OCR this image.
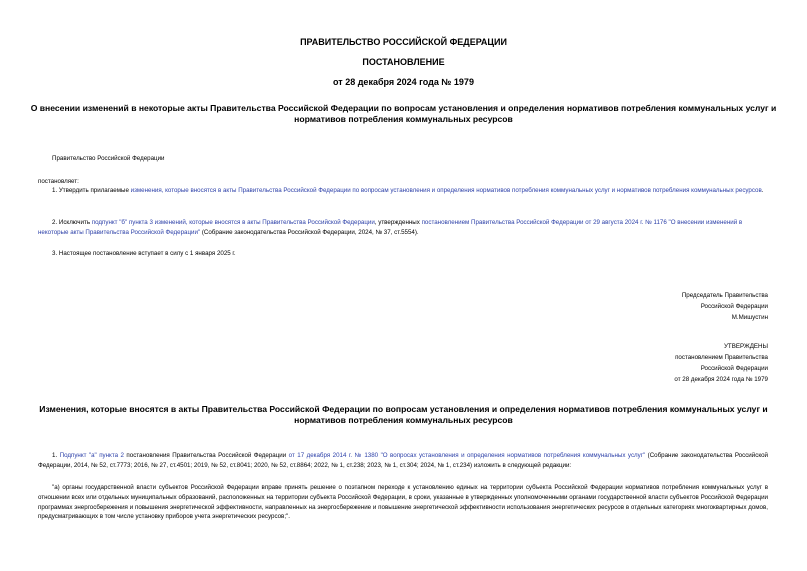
ПРАВИТЕЛЬСТВО РОССИЙСКОЙ ФЕДЕРАЦИИ
ПОСТАНОВЛЕНИЕ
от 28 декабря 2024 года № 1979
О внесении изменений в некоторые акты Правительства Российской Федерации по вопросам установления и определения нормативов потребления коммунальных услуг и нормативов потребления коммунальных ресурсов
Правительство Российской Федерации
постановляет:
1. Утвердить прилагаемые изменения, которые вносятся в акты Правительства Российской Федерации по вопросам установления и определения нормативов потребления коммунальных услуг и нормативов потребления коммунальных ресурсов.
2. Исключить подпункт "б" пункта 3 изменений, которые вносятся в акты Правительства Российской Федерации, утвержденных постановлением Правительства Российской Федерации от 29 августа 2024 г. № 1176 "О внесении изменений в некоторые акты Правительства Российской Федерации" (Собрание законодательства Российской Федерации, 2024, № 37, ст.5554).
3. Настоящее постановление вступает в силу с 1 января 2025 г.
Председатель Правительства
Российской Федерации
М.Мишустин
УТВЕРЖДЕНЫ
постановлением Правительства
Российской Федерации
от 28 декабря 2024 года № 1979
Изменения, которые вносятся в акты Правительства Российской Федерации по вопросам установления и определения нормативов потребления коммунальных услуг и нормативов потребления коммунальных ресурсов
1. Подпункт "а" пункта 2 постановления Правительства Российской Федерации от 17 декабря 2014 г. № 1380 "О вопросах установления и определения нормативов потребления коммунальных услуг" (Собрание законодательства Российской Федерации, 2014, № 52, ст.7773; 2016, № 27, ст.4501; 2019, № 52, ст.8041; 2020, № 52, ст.8864; 2022, № 1, ст.238; 2023, № 1, ст.304; 2024, № 1, ст.234) изложить в следующей редакции:
"а) органы государственной власти субъектов Российской Федерации вправе принять решение о поэтапном переходе к установлению единых на территории субъекта Российской Федерации нормативов потребления коммунальных услуг в отношении всех или отдельных муниципальных образований, расположенных на территории субъекта Российской Федерации, в сроки, указанные в утвержденных уполномоченными органами государственной власти субъектов Российской Федерации программах энергосбережения и повышения энергетической эффективности, направленных на энергосбережение и повышение энергетической эффективности использования энергетических ресурсов в отдельных категориях многоквартирных домов, предусматривающих в том числе установку приборов учета энергетических ресурсов;".
